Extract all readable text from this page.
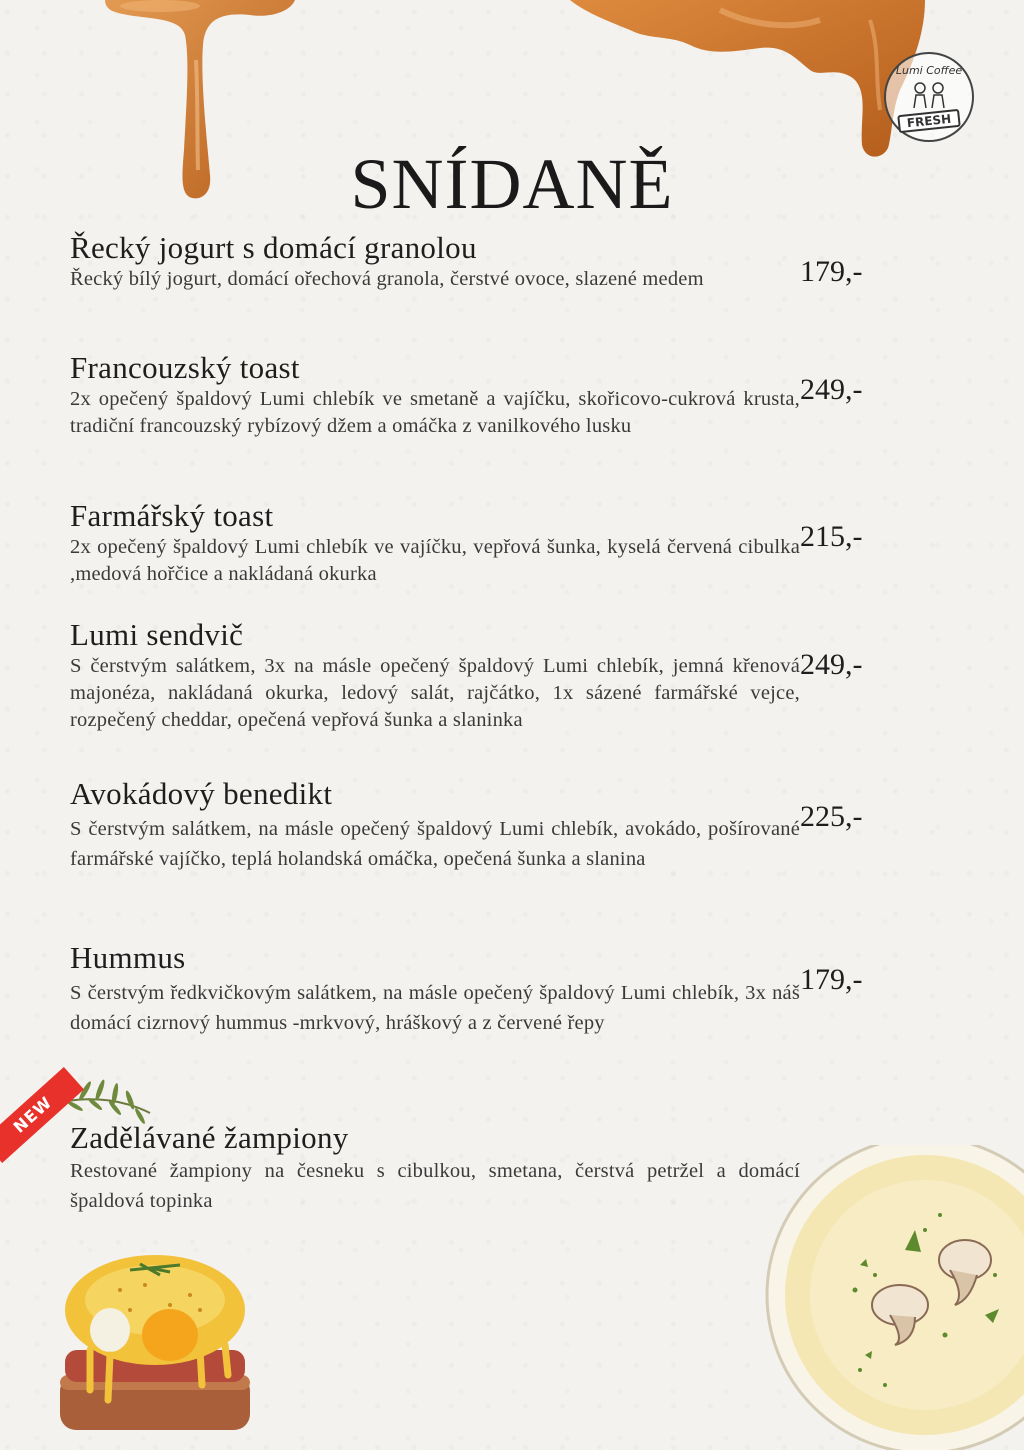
Lumi Coffee
FRESH
SNÍDANĚ
Řecký jogurt s domácí granolou
Řecký bílý jogurt, domácí ořechová granola, čerstvé ovoce, slazené medem	179,-
Francouzský toast
2x opečený špaldový Lumi chlebík ve smetaně a vajíčku, skořicovo-cukrová krusta, tradiční francouzský rybízový džem a omáčka z vanilkového lusku
249,-
Farmářský toast
2x opečený špaldový Lumi chlebík ve vajíčku, vepřová šunka, kyselá červená cibulka ,medová hořčice a nakládaná okurka
215,-
Lumi sendvič
S čerstvým salátkem, 3x na másle opečený špaldový Lumi chlebík, jemná křenová majonéza, nakládaná okurka, ledový salát, rajčátko, 1x sázené farmářské vejce, rozpečený cheddar, opečená vepřová šunka a slaninka
249,-
Avokádový benedikt
S čerstvým salátkem, na másle opečený špaldový Lumi chlebík, avokádo, pošírované farmářské vajíčko, teplá holandská omáčka, opečená šunka a slanina
225,-
Hummus
S čerstvým ředkvičkovým salátkem, na másle opečený špaldový Lumi chlebík, 3x náš domácí cizrnový hummus -mrkvový, hráškový a z červené řepy
179,-
Zadělávané žampiony
Restované žampiony na česneku s cibulkou, smetana, čerstvá petržel a domácí špaldová topinka
NEW
